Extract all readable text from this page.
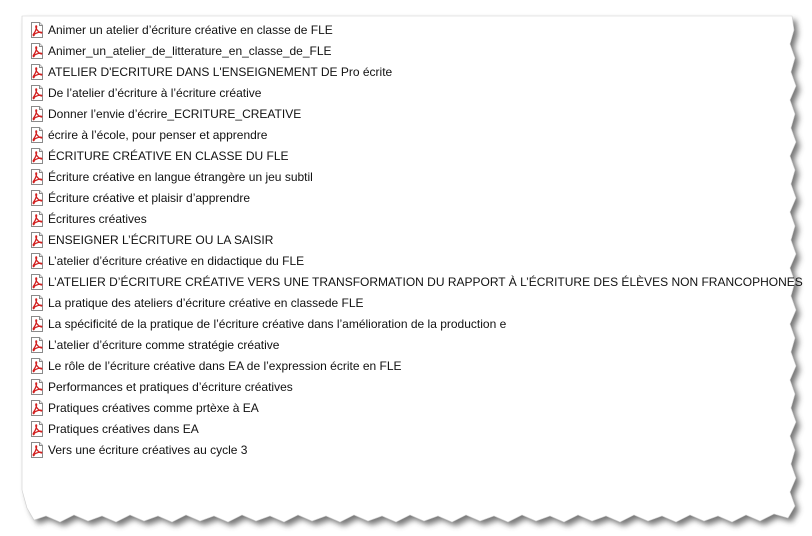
Animer un atelier d’écriture créative en classe de FLE
Animer_un_atelier_de_litterature_en_classe_de_FLE
ATELIER D'ECRITURE DANS L'ENSEIGNEMENT DE Pro écrite
De l’atelier d’écriture à l’écriture créative
Donner l’envie d’écrire_ECRITURE_CREATIVE
écrire à l’école, pour penser et apprendre
ÉCRITURE CRÉATIVE EN CLASSE DU FLE
Écriture créative en langue étrangère un jeu subtil
Écriture créative et plaisir d’apprendre
Écritures créatives
ENSEIGNER L’ÉCRITURE OU LA SAISIR
L’atelier d’écriture créative en didactique du FLE
L’ATELIER D’ÉCRITURE CRÉATIVE VERS UNE TRANSFORMATION DU RAPPORT À L’ÉCRITURE DES ÉLÈVES NON FRANCOPHONES
La pratique des ateliers d’écriture créative en classede FLE
La spécificité de la pratique de l’écriture créative dans l’amélioration de la production e
L’atelier d’écriture comme stratégie créative
Le rôle de l’écriture créative dans EA de l’expression écrite en FLE
Performances et pratiques d’écriture créatives
Pratiques créatives comme prtèxe à EA
Pratiques créatives dans EA
Vers une écriture créatives au cycle 3
